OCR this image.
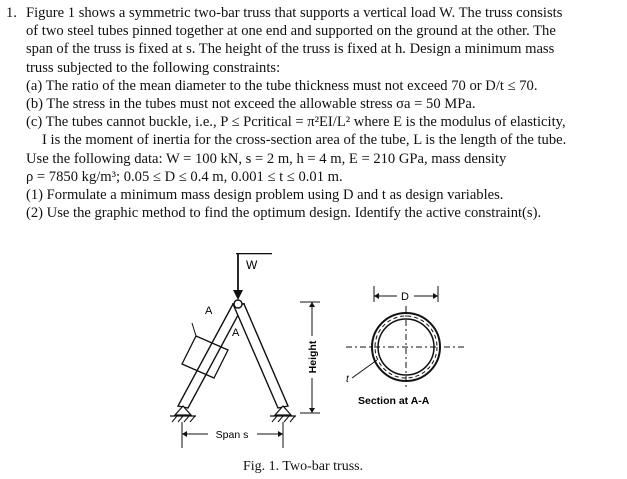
1. Figure 1 shows a symmetric two-bar truss that supports a vertical load W. The truss consists

of two steel tubes pinned together at one end and supported on the ground at the other. The

span of the truss is fixed at s. The height of the truss is fixed at h. Design a minimum mass

truss subjected to the following constraints:

(a) The ratio of the mean diameter to the tube thickness must not exceed 70 or D/t ≤ 70.

(b) The stress in the tubes must not exceed the allowable stress σa = 50 MPa.

(c) The tubes cannot buckle, i.e., P ≤ Pcritical = π²EI/L² where E is the modulus of elasticity,

I is the moment of inertia for the cross-section area of the tube, L is the length of the tube.

Use the following data: W = 100 kN, s = 2 m, h = 4 m, E = 210 GPa, mass density

ρ = 7850 kg/m³; 0.05 ≤ D ≤ 0.4 m, 0.001 ≤ t ≤ 0.01 m.

(1) Formulate a minimum mass design problem using D and t as design variables.

(2) Use the graphic method to find the optimum design. Identify the active constraint(s).

W
A
A
Height
Span s
D
t
Section at A-A
Fig. 1. Two-bar truss.
